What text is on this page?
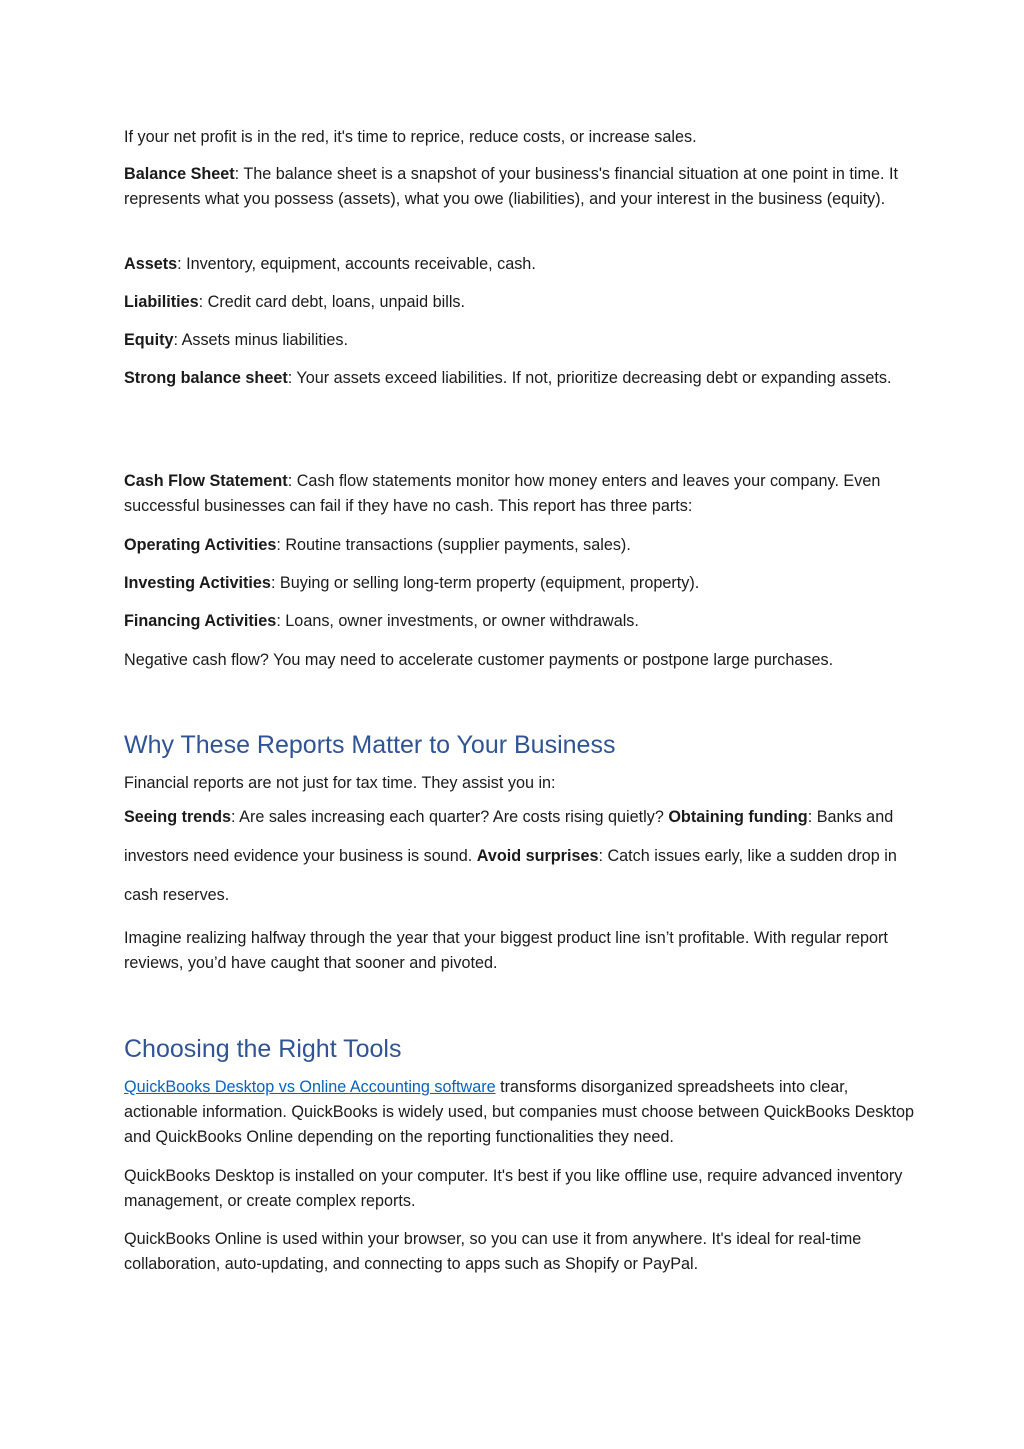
If your net profit is in the red, it's time to reprice, reduce costs, or increase sales.

Balance Sheet: The balance sheet is a snapshot of your business's financial situation at one point in time. It represents what you possess (assets), what you owe (liabilities), and your interest in the business (equity).

Assets: Inventory, equipment, accounts receivable, cash.

Liabilities: Credit card debt, loans, unpaid bills.

Equity: Assets minus liabilities.

Strong balance sheet: Your assets exceed liabilities. If not, prioritize decreasing debt or expanding assets.

Cash Flow Statement: Cash flow statements monitor how money enters and leaves your company. Even successful businesses can fail if they have no cash. This report has three parts:

Operating Activities: Routine transactions (supplier payments, sales).

Investing Activities: Buying or selling long-term property (equipment, property).

Financing Activities: Loans, owner investments, or owner withdrawals.

Negative cash flow? You may need to accelerate customer payments or postpone large purchases.

Why These Reports Matter to Your Business

Financial reports are not just for tax time. They assist you in:

Seeing trends: Are sales increasing each quarter? Are costs rising quietly? Obtaining funding: Banks and investors need evidence your business is sound. Avoid surprises: Catch issues early, like a sudden drop in cash reserves.

Imagine realizing halfway through the year that your biggest product line isn’t profitable. With regular report reviews, you’d have caught that sooner and pivoted.

Choosing the Right Tools

QuickBooks Desktop vs Online Accounting software transforms disorganized spreadsheets into clear, actionable information. QuickBooks is widely used, but companies must choose between QuickBooks Desktop and QuickBooks Online depending on the reporting functionalities they need.

QuickBooks Desktop is installed on your computer. It's best if you like offline use, require advanced inventory management, or create complex reports.

QuickBooks Online is used within your browser, so you can use it from anywhere. It's ideal for real-time collaboration, auto-updating, and connecting to apps such as Shopify or PayPal.
